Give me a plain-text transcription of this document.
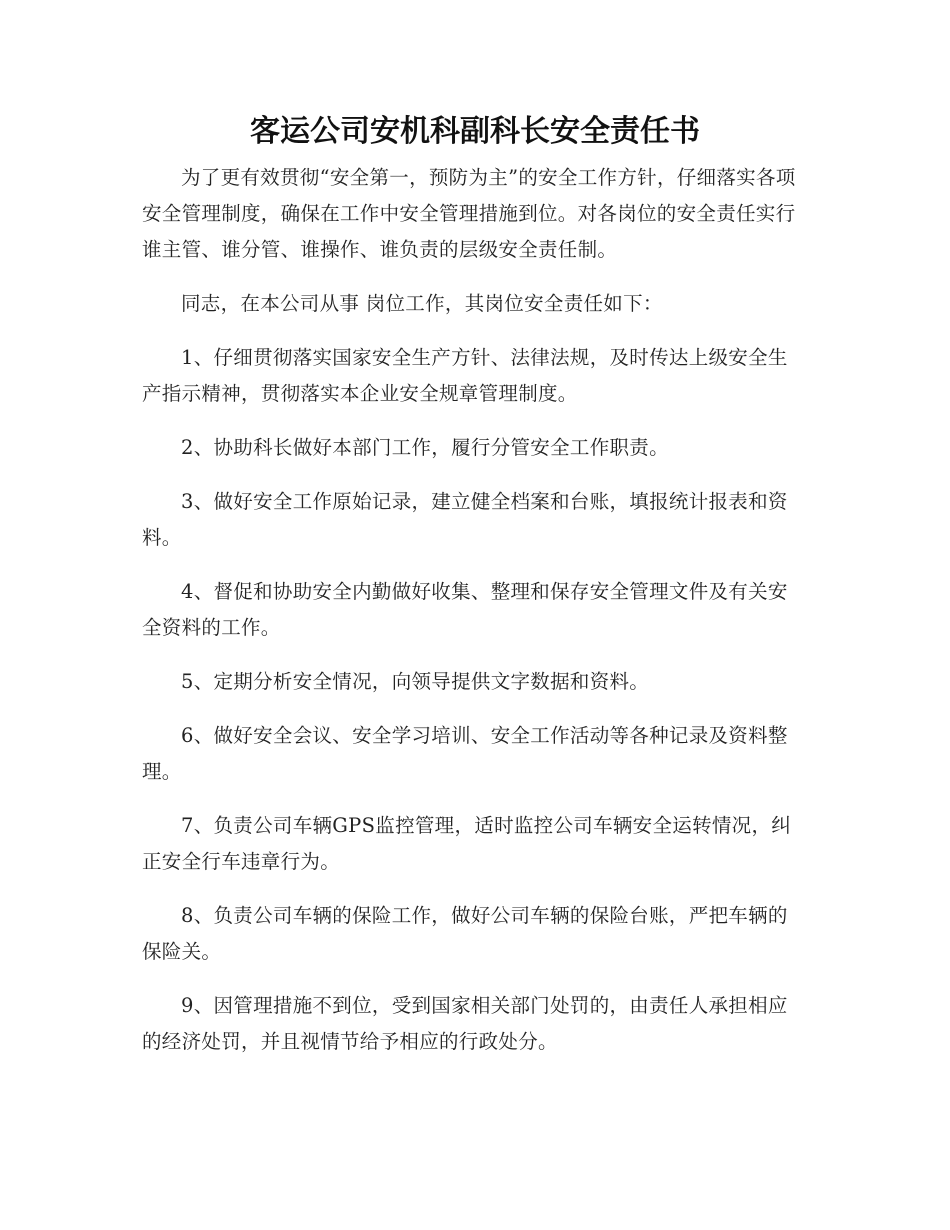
客运公司安机科副科长安全责任书

为了更有效贯彻“安全第一，预防为主”的安全工作方针，仔细落实各项安全管理制度，确保在工作中安全管理措施到位。对各岗位的安全责任实行谁主管、谁分管、谁操作、谁负责的层级安全责任制。

同志，在本公司从事 岗位工作，其岗位安全责任如下：

1、仔细贯彻落实国家安全生产方针、法律法规，及时传达上级安全生产指示精神，贯彻落实本企业安全规章管理制度。

2、协助科长做好本部门工作，履行分管安全工作职责。

3、做好安全工作原始记录，建立健全档案和台账，填报统计报表和资料。

4、督促和协助安全内勤做好收集、整理和保存安全管理文件及有关安全资料的工作。

5、定期分析安全情况，向领导提供文字数据和资料。

6、做好安全会议、安全学习培训、安全工作活动等各种记录及资料整理。

7、负责公司车辆GPS监控管理，适时监控公司车辆安全运转情况，纠正安全行车违章行为。

8、负责公司车辆的保险工作，做好公司车辆的保险台账，严把车辆的保险关。

9、因管理措施不到位，受到国家相关部门处罚的，由责任人承担相应的经济处罚，并且视情节给予相应的行政处分。
